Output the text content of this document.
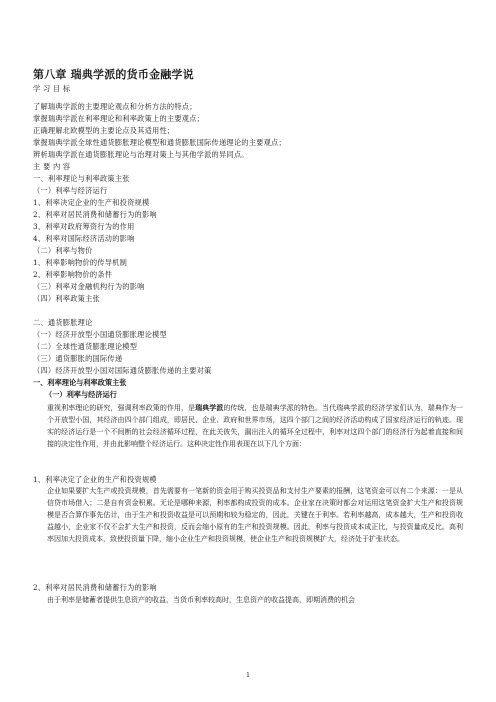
第八章 瑞典学派的货币金融学说
学 习 目 标
了解瑞典学派的主要理论观点和分析方法的特点；
掌握瑞典学派在利率理论和利率政策上的主要观点；
正确理解北欧模型的主要论点及其适用性；
掌握瑞典学派全球性通货膨胀理论模型和通货膨胀国际传递理论的主要观点；
辨析瑞典学派在通货膨胀理论与治理对策上与其他学派的异同点。
主 要 内 容
一、利率理论与利率政策主张
（一）利率与经济运行
1、利率决定企业的生产和投资规模
2、利率对居民消费和储蓄行为的影响
3、利率对政府筹资行为的作用
4、利率对国际经济活动的影响
（二）利率与物价
1、利率影响物价的传导机制
2、利率影响物价的条件
（三）利率对金融机构行为的影响
（四）利率政策主张
二、通货膨胀理论
（一）经济开放型小国通货膨胀理论模型
（二）全球性通货膨胀理论模型
（三）通货膨胀的国际传递
（四）经济开放型小国对国际通货膨胀传递的主要对策
一、利率理论与利率政策主张
（一）利率与经济运行
重视利率理论的研究，强调利率政策的作用，是瑞典学派的传统，也是瑞典学派的特色。当代瑞典学派的经济学家们认为，瑞典作为一个开放型小国，其经济由四个部门组成，即居民、企业、政府和世界市场，这四个部门之间的经济活动构成了国家经济运行的轨迹。现实的经济运行是一个不间断的社会经济循环过程，在此关彼失，漏出注入的循环全过程中，利率对这四个部门的经济行为起着直接和间接的决定性作用，并由此影响整个经济运行。这种决定性作用表现在以下几个方面：
1、利率决定了企业的生产和投资规模
企业如果要扩大生产或投资规模，首先需要有一笔新的资金用于购买投资品和支付生产要素的报酬，这笔资金可以有二个来源：一是从信贷市场借入；二是自有资金积累。无论是哪种来源，利率都构成投资的成本。企业家在决策时都会对运用这笔资金扩大生产和投资规模是否合算作事先估计，由于生产和投资收益是可以预期和较为稳定的，因此，关键在于利率。若利率越高，成本越大，生产和投资收益越小，企业家不仅不会扩大生产和投资，反而会缩小原有的生产和投资规模。因此，利率与投资成本成正比，与投资量成反比。高利率因加大投资成本，致使投资量下降，缩小企业生产和投资规模，使企业生产和投资规模扩大，经济处于扩张状态。
2、利率对居民消费和储蓄行为的影响
由于利率是储蓄者提供生息资产的收益，当货币利率较高时，生息资产的收益提高，即期消费的机会
1
